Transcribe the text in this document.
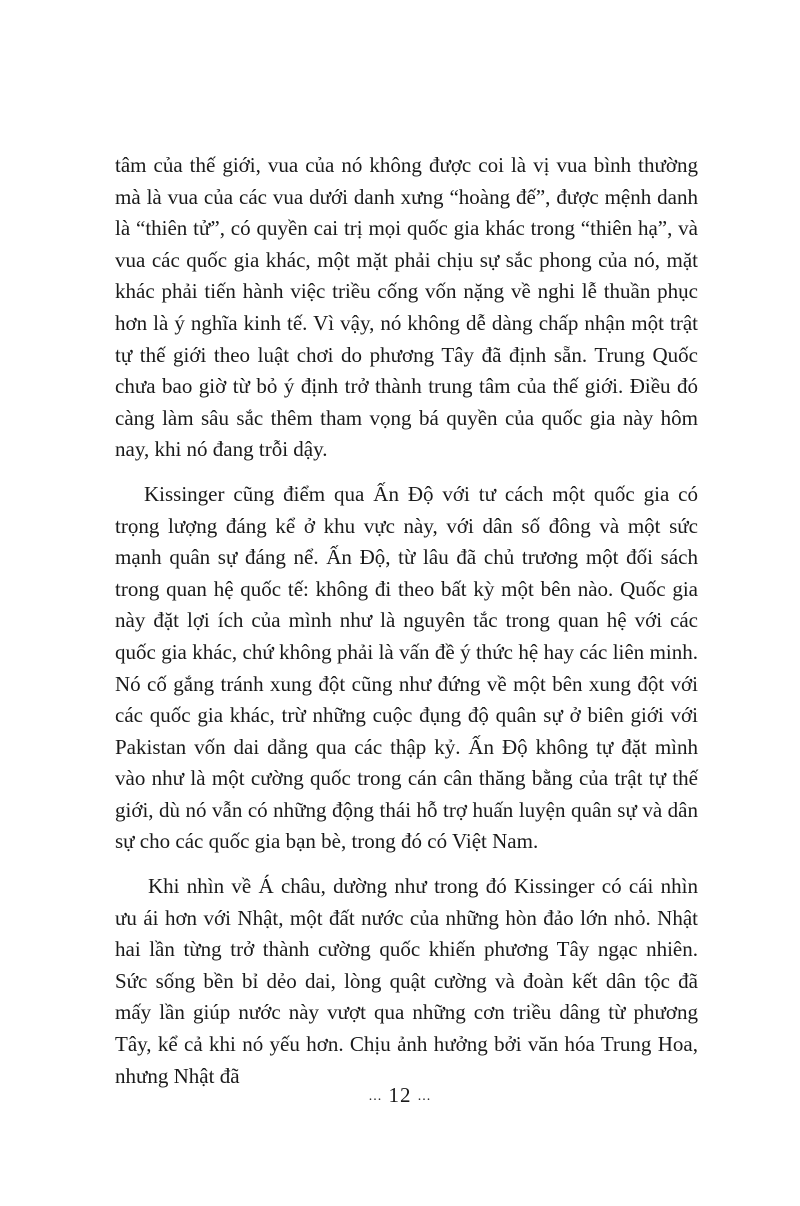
tâm của thế giới, vua của nó không được coi là vị vua bình thường mà là vua của các vua dưới danh xưng “hoàng đế”, được mệnh danh là “thiên tử”, có quyền cai trị mọi quốc gia khác trong “thiên hạ”, và vua các quốc gia khác, một mặt phải chịu sự sắc phong của nó, mặt khác phải tiến hành việc triều cống vốn nặng về nghi lễ thuần phục hơn là ý nghĩa kinh tế. Vì vậy, nó không dễ dàng chấp nhận một trật tự thế giới theo luật chơi do phương Tây đã định sẵn. Trung Quốc chưa bao giờ từ bỏ ý định trở thành trung tâm của thế giới. Điều đó càng làm sâu sắc thêm tham vọng bá quyền của quốc gia này hôm nay, khi nó đang trỗi dậy.

Kissinger cũng điểm qua Ấn Độ với tư cách một quốc gia có trọng lượng đáng kể ở khu vực này, với dân số đông và một sức mạnh quân sự đáng nể. Ấn Độ, từ lâu đã chủ trương một đối sách trong quan hệ quốc tế: không đi theo bất kỳ một bên nào. Quốc gia này đặt lợi ích của mình như là nguyên tắc trong quan hệ với các quốc gia khác, chứ không phải là vấn đề ý thức hệ hay các liên minh. Nó cố gắng tránh xung đột cũng như đứng về một bên xung đột với các quốc gia khác, trừ những cuộc đụng độ quân sự ở biên giới với Pakistan vốn dai dẳng qua các thập kỷ. Ấn Độ không tự đặt mình vào như là một cường quốc trong cán cân thăng bằng của trật tự thế giới, dù nó vẫn có những động thái hỗ trợ huấn luyện quân sự và dân sự cho các quốc gia bạn bè, trong đó có Việt Nam.

Khi nhìn về Á châu, dường như trong đó Kissinger có cái nhìn ưu ái hơn với Nhật, một đất nước của những hòn đảo lớn nhỏ. Nhật hai lần từng trở thành cường quốc khiến phương Tây ngạc nhiên. Sức sống bền bỉ dẻo dai, lòng quật cường và đoàn kết dân tộc đã mấy lần giúp nước này vượt qua những cơn triều dâng từ phương Tây, kể cả khi nó yếu hơn. Chịu ảnh hưởng bởi văn hóa Trung Hoa, nhưng Nhật đã

... 12 ...
